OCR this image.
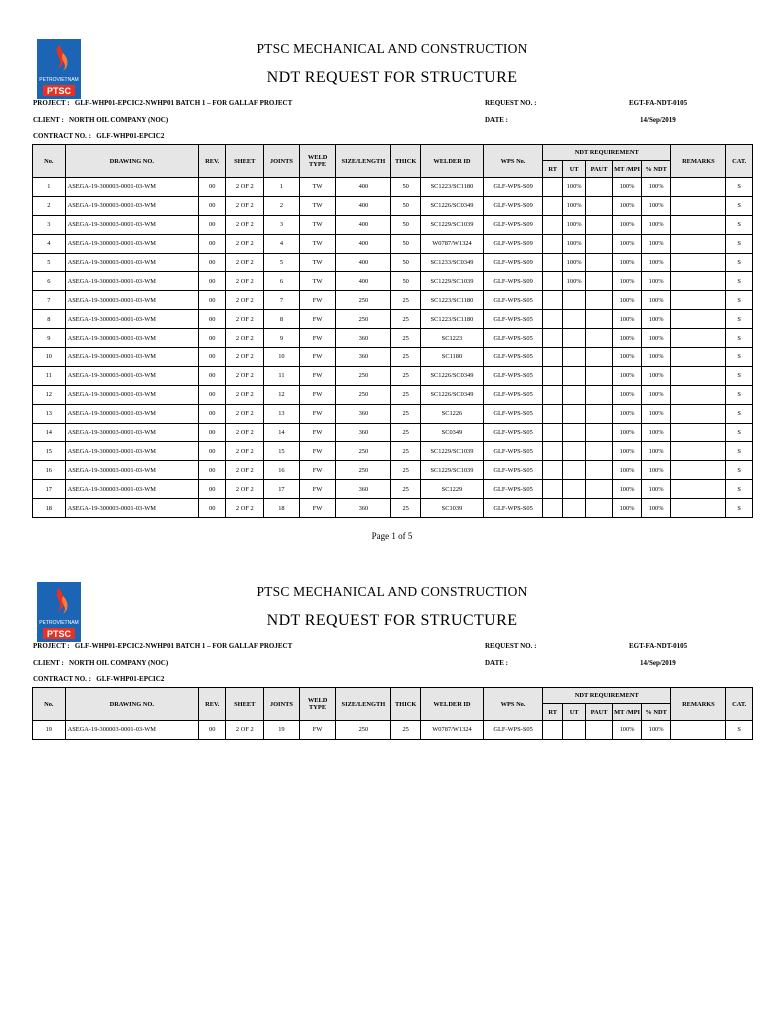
PETROVIETNAM
PTSC
PTSC MECHANICAL AND CONSTRUCTION
NDT REQUEST FOR STRUCTURE
PROJECT : GLF-WHP01-EPCIC2-NWHP01 BATCH 1 – FOR GALLAF PROJECT
CLIENT : NORTH OIL COMPANY (NOC)
CONTRACT NO. : GLF-WHP01-EPCIC2
REQUEST NO. :	EGT-FA-NDT-0105
DATE :	14/Sep/2019
No.	DRAWING NO.	REV.	SHEET	JOINTS	WELD TYPE	SIZE/LENGTH	THICK	WELDER ID	WPS No.	NDT REQUIREMENT					REMARKS	CAT.
										RT	UT	PAUT	MT /MPI	% NDT		
1	ASEGA-19-300003-0001-03-WM	00	2 OF 2	1	TW	400	50	SC1223/SC1180	GLF-WPS-S09		100%		100%	100%		S
2	ASEGA-19-300003-0001-03-WM	00	2 OF 2	2	TW	400	50	SC1226/SC0349	GLF-WPS-S09		100%		100%	100%		S
3	ASEGA-19-300003-0001-03-WM	00	2 OF 2	3	TW	400	50	SC1229/SC1039	GLF-WPS-S09		100%		100%	100%		S
4	ASEGA-19-300003-0001-03-WM	00	2 OF 2	4	TW	400	50	W0787/W1324	GLF-WPS-S09		100%		100%	100%		S
5	ASEGA-19-300003-0001-03-WM	00	2 OF 2	5	TW	400	50	SC1233/SC0349	GLF-WPS-S09		100%		100%	100%		S
6	ASEGA-19-300003-0001-03-WM	00	2 OF 2	6	TW	400	50	SC1229/SC1039	GLF-WPS-S09		100%		100%	100%		S
7	ASEGA-19-300003-0001-03-WM	00	2 OF 2	7	FW	250	25	SC1223/SC1180	GLF-WPS-S05				100%	100%		S
8	ASEGA-19-300003-0001-03-WM	00	2 OF 2	8	FW	250	25	SC1223/SC1180	GLF-WPS-S05				100%	100%		S
9	ASEGA-19-300003-0001-03-WM	00	2 OF 2	9	FW	360	25	SC1223	GLF-WPS-S05				100%	100%		S
10	ASEGA-19-300003-0001-03-WM	00	2 OF 2	10	FW	360	25	SC1180	GLF-WPS-S05				100%	100%		S
11	ASEGA-19-300003-0001-03-WM	00	2 OF 2	11	FW	250	25	SC1226/SC0349	GLF-WPS-S05				100%	100%		S
12	ASEGA-19-300003-0001-03-WM	00	2 OF 2	12	FW	250	25	SC1226/SC0349	GLF-WPS-S05				100%	100%		S
13	ASEGA-19-300003-0001-03-WM	00	2 OF 2	13	FW	360	25	SC1226	GLF-WPS-S05				100%	100%		S
14	ASEGA-19-300003-0001-03-WM	00	2 OF 2	14	FW	360	25	SC0349	GLF-WPS-S05				100%	100%		S
15	ASEGA-19-300003-0001-03-WM	00	2 OF 2	15	FW	250	25	SC1229/SC1039	GLF-WPS-S05				100%	100%		S
16	ASEGA-19-300003-0001-03-WM	00	2 OF 2	16	FW	250	25	SC1229/SC1039	GLF-WPS-S05				100%	100%		S
17	ASEGA-19-300003-0001-03-WM	00	2 OF 2	17	FW	360	25	SC1229	GLF-WPS-S05				100%	100%		S
18	ASEGA-19-300003-0001-03-WM	00	2 OF 2	18	FW	360	25	SC1039	GLF-WPS-S05				100%	100%		S
Page 1 of 5
PETROVIETNAM
PTSC
PTSC MECHANICAL AND CONSTRUCTION
NDT REQUEST FOR STRUCTURE
PROJECT : GLF-WHP01-EPCIC2-NWHP01 BATCH 1 – FOR GALLAF PROJECT
CLIENT : NORTH OIL COMPANY (NOC)
CONTRACT NO. : GLF-WHP01-EPCIC2
REQUEST NO. :	EGT-FA-NDT-0105
DATE :	14/Sep/2019
No.	DRAWING NO.	REV.	SHEET	JOINTS	WELD TYPE	SIZE/LENGTH	THICK	WELDER ID	WPS No.	NDT REQUIREMENT					REMARKS	CAT.
										RT	UT	PAUT	MT /MPI	% NDT		
19	ASEGA-19-300003-0001-03-WM	00	2 OF 2	19	FW	250	25	W0787/W1324	GLF-WPS-S05				100%	100%		S
